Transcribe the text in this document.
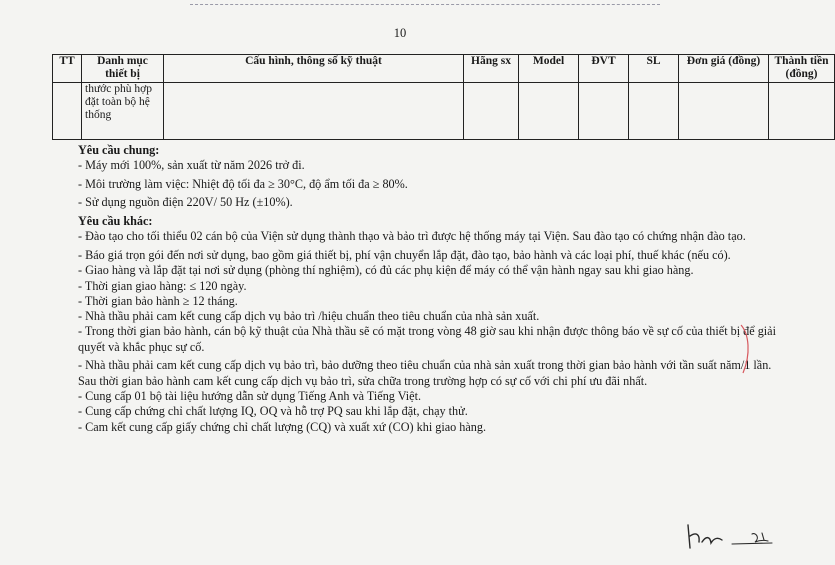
10
TT	Danh mục thiết bị	Cấu hình, thông số kỹ thuật	Hãng sx	Model	ĐVT	SL	Đơn giá (đồng)	Thành tiền (đồng)
	thước phù hợp đặt toàn bộ hệ thống							

Yêu cầu chung:

- Máy mới 100%, sản xuất từ năm 2026 trở đi.

- Môi trường làm việc: Nhiệt độ tối đa ≥ 30°C, độ ẩm tối đa ≥ 80%.

- Sử dụng nguồn điện 220V/ 50 Hz (±10%).

Yêu cầu khác:

- Đào tạo cho tối thiểu 02 cán bộ của Viện sử dụng thành thạo và bảo trì được hệ thống máy tại Viện. Sau đào tạo có chứng nhận đào tạo.

- Báo giá trọn gói đến nơi sử dụng, bao gồm giá thiết bị, phí vận chuyển lắp đặt, đào tạo, bảo hành và các loại phí, thuế khác (nếu có).

- Giao hàng và lắp đặt tại nơi sử dụng (phòng thí nghiệm), có đủ các phụ kiện để máy có thể vận hành ngay sau khi giao hàng.

- Thời gian giao hàng: ≤ 120 ngày.

- Thời gian bảo hành ≥ 12 tháng.

- Nhà thầu phải cam kết cung cấp dịch vụ bảo trì /hiệu chuẩn theo tiêu chuẩn của nhà sản xuất.

- Trong thời gian bảo hành, cán bộ kỹ thuật của Nhà thầu sẽ có mặt trong vòng 48 giờ sau khi nhận được thông báo về sự cố của thiết bị để giải quyết và khắc phục sự cố.

- Nhà thầu phải cam kết cung cấp dịch vụ bảo trì, bảo dưỡng theo tiêu chuẩn của nhà sản xuất trong thời gian bảo hành với tần suất năm/1 lần. Sau thời gian bảo hành cam kết cung cấp dịch vụ bảo trì, sửa chữa trong trường hợp có sự cố với chi phí ưu đãi nhất.

- Cung cấp 01 bộ tài liệu hướng dẫn sử dụng Tiếng Anh và Tiếng Việt.

- Cung cấp chứng chỉ chất lượng IQ, OQ và hỗ trợ PQ sau khi lắp đặt, chạy thử.

- Cam kết cung cấp giấy chứng chỉ chất lượng (CQ) và xuất xứ (CO) khi giao hàng.
